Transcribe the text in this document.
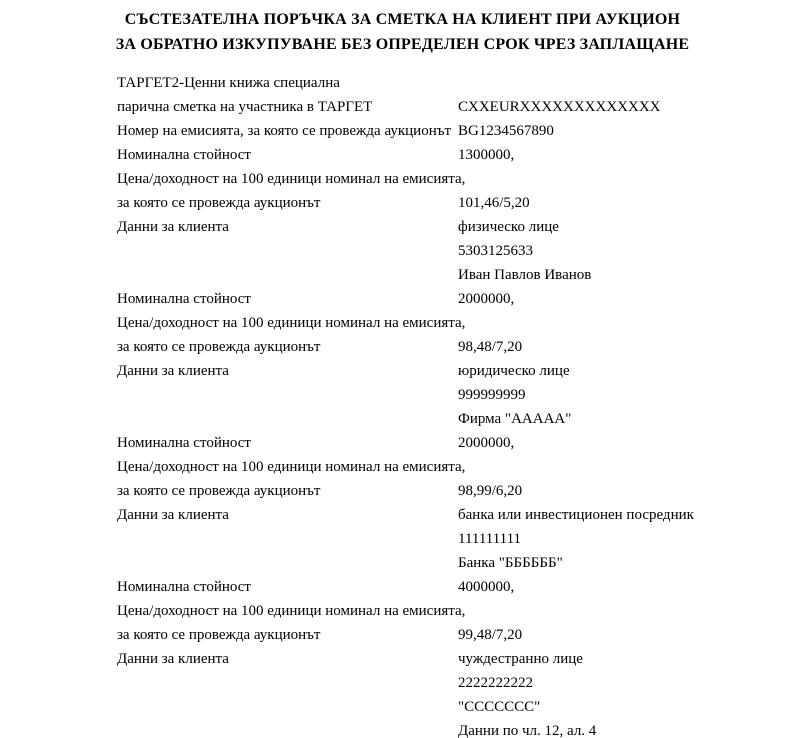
СЪСТЕЗАТЕЛНА ПОРЪЧКА ЗА СМЕТКА НА КЛИЕНТ ПРИ АУКЦИОН
ЗА ОБРАТНО ИЗКУПУВАНЕ БЕЗ ОПРЕДЕЛЕН СРОК ЧРЕЗ ЗАПЛАЩАНЕ
ТАРГЕТ2-Ценни книжа специална
парична сметка на участника в ТАРГЕТ	CXXEURXXXXXXXXXXXXX
Номер на емисията, за която се провежда аукционът BG1234567890
Номинална стойност	1300000,
Цена/доходност на 100 единици номинал на емисията,
за която се провежда аукционът	101,46/5,20
Данни за клиента	физическо лице
5303125633
Иван Павлов Иванов
Номинална стойност	2000000,
Цена/доходност на 100 единици номинал на емисията,
за която се провежда аукционът	98,48/7,20
Данни за клиента	юридическо лице
999999999
Фирма "ААААА"
Номинална стойност	2000000,
Цена/доходност на 100 единици номинал на емисията,
за която се провежда аукционът	98,99/6,20
Данни за клиента	банка или инвестиционен посредник
111111111
Банка "ББББББ"
Номинална стойност	4000000,
Цена/доходност на 100 единици номинал на емисията,
за която се провежда аукционът	99,48/7,20
Данни за клиента	чуждестранно лице
2222222222
"ССССССС"
Данни по чл. 12, ал. 4
